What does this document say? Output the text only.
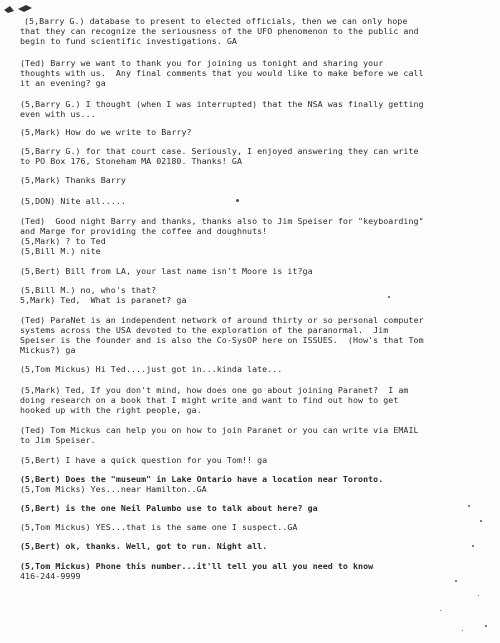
(5,Barry G.) database to present to elected officials, then we can only hope
that they can recognize the seriousness of the UFO phenomenon to the public and
begin to fund scientific investigations. GA
(Ted) Barry we want to thank you for joining us tonight and sharing your
thoughts with us.  Any final comments that you would like to make before we call
it an evening? ga
(5,Barry G.) I thought (when I was interrupted) that the NSA was finally getting
even with us...
(5,Mark) How do we write to Barry?
(5,Barry G.) for that court case. Seriously, I enjoyed answering they can write
to PO Box 176, Stoneham MA 02180. Thanks! GA
(5,Mark) Thanks Barry
(5,DON) Nite all.....
(Ted)  Good night Barry and thanks, thanks also to Jim Speiser for "keyboarding"
and Marge for providing the coffee and doughnuts!
(5,Mark) ? to Ted
(5,Bill M.) nite
(5,Bert) Bill from LA, your last name isn't Moore is it?ga
(5,Bill M.) no, who's that?
5,Mark) Ted,  What is paranet? ga
(Ted) ParaNet is an independent network of around thirty or so personal computer
systems across the USA devoted to the exploration of the paranormal.  Jim
Speiser is the founder and is also the Co-SysOP here on ISSUES.  (How's that Tom
Mickus?) ga
(5,Tom Mickus) Hi Ted....just got in...kinda late...
(5,Mark) Ted, If you don't mind, how does one go about joining Paranet?  I am
doing research on a book that I might write and want to find out how to get
hooked up with the right people, ga.
(Ted) Tom Mickus can help you on how to join Paranet or you can write via EMAIL
to Jim Speiser.
(5,Bert) I have a quick question for you Tom!! ga
(5,Bert) Does the "museum" in Lake Ontario have a location near Toronto.
(5,Tom Micks) Yes...near Hamilton..GA
(5,Bert) is the one Neil Palumbo use to talk about here? ga
(5,Tom Mickus) YES...that is the same one I suspect..GA
(5,Bert) ok, thanks. Well, got to run. Night all.
(5,Tom Mickus) Phone this number...it'll tell you all you need to know
416-244-9999
